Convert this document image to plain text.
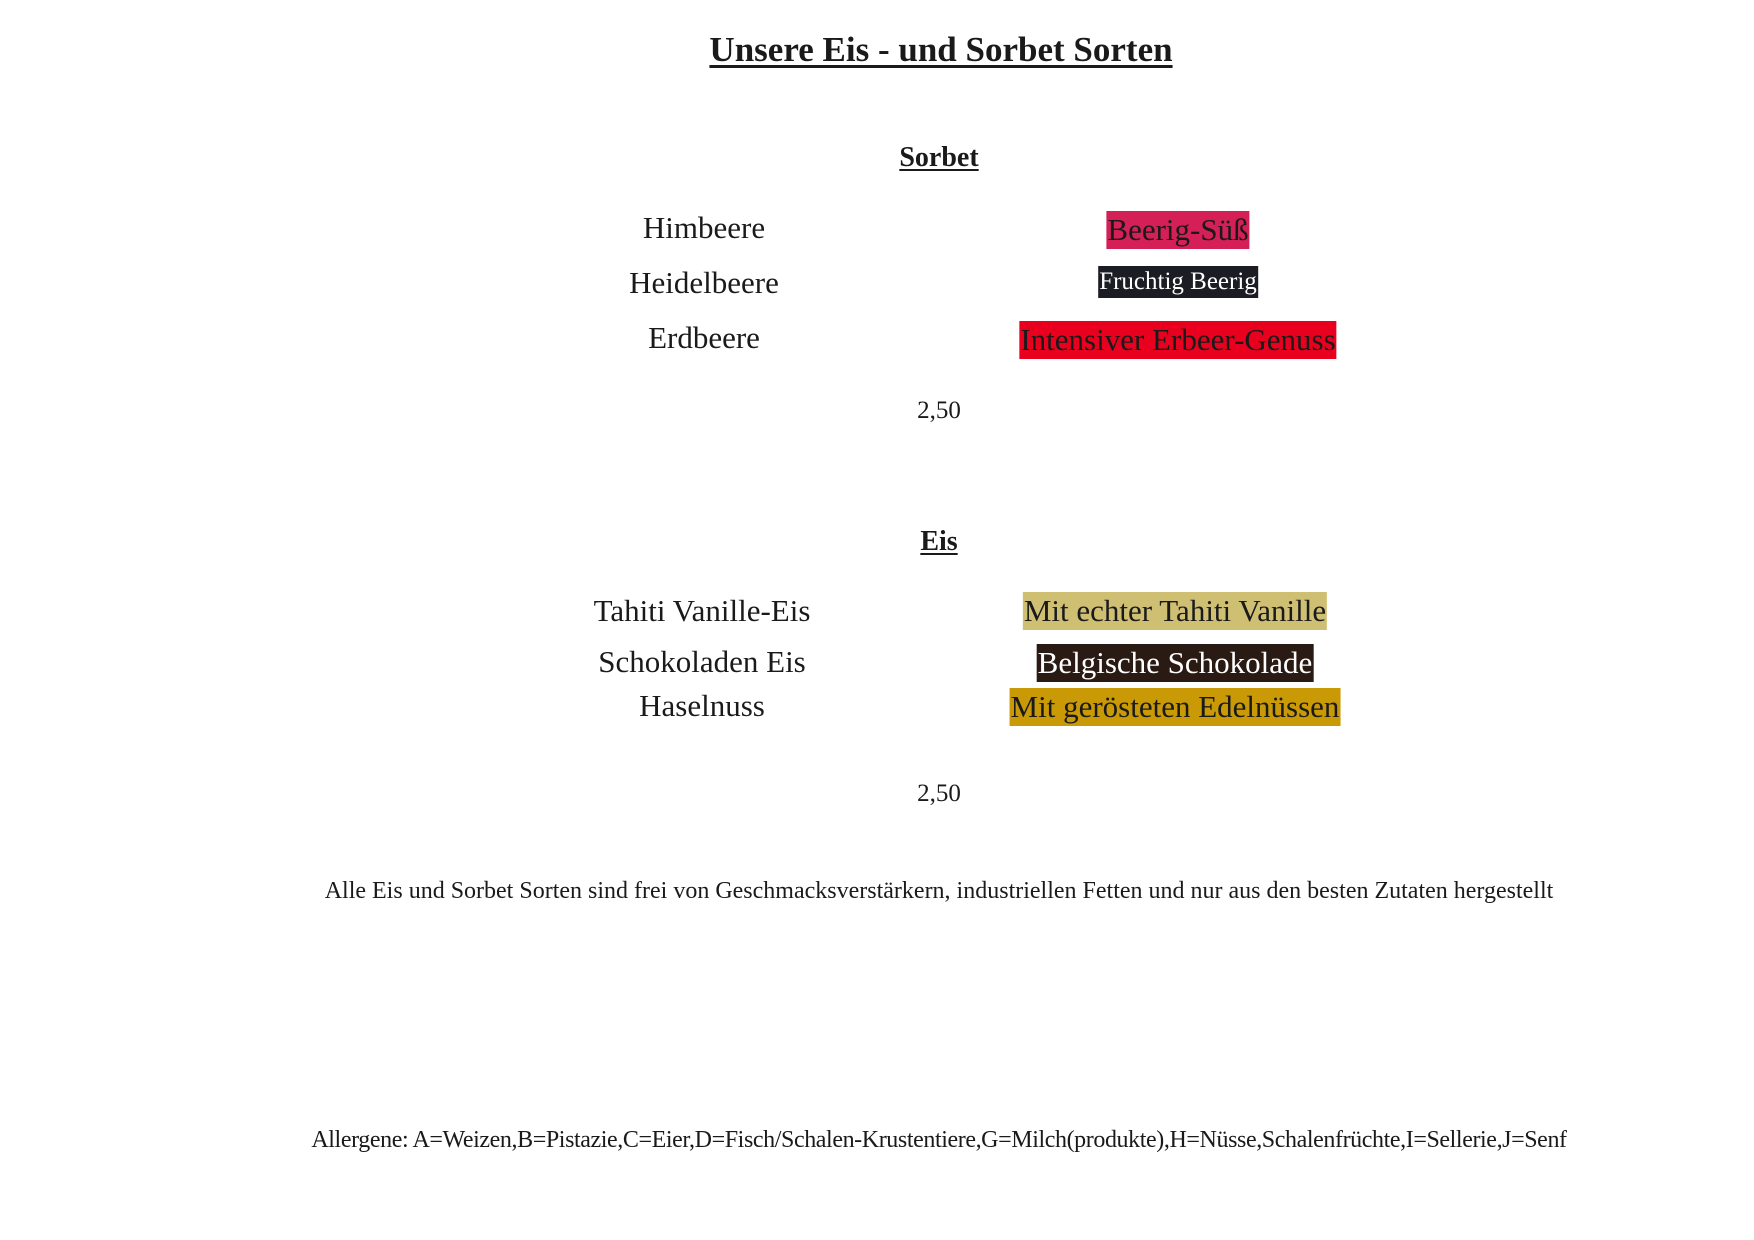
Unsere Eis - und Sorbet Sorten
Sorbet
Himbeere	Beerig-Süß
Heidelbeere	Fruchtig Beerig
Erdbeere	Intensiver Erbeer-Genuss
2,50
Eis
Tahiti Vanille-Eis	Mit echter Tahiti Vanille
Schokoladen Eis	Belgische Schokolade
Haselnuss	Mit gerösteten Edelnüssen
2,50
Alle Eis und Sorbet Sorten sind frei von Geschmacksverstärkern, industriellen Fetten und nur aus den besten Zutaten hergestellt
Allergene: A=Weizen,B=Pistazie,C=Eier,D=Fisch/Schalen-Krustentiere,G=Milch(produkte),H=Nüsse,Schalenfrüchte,I=Sellerie,J=Senf
